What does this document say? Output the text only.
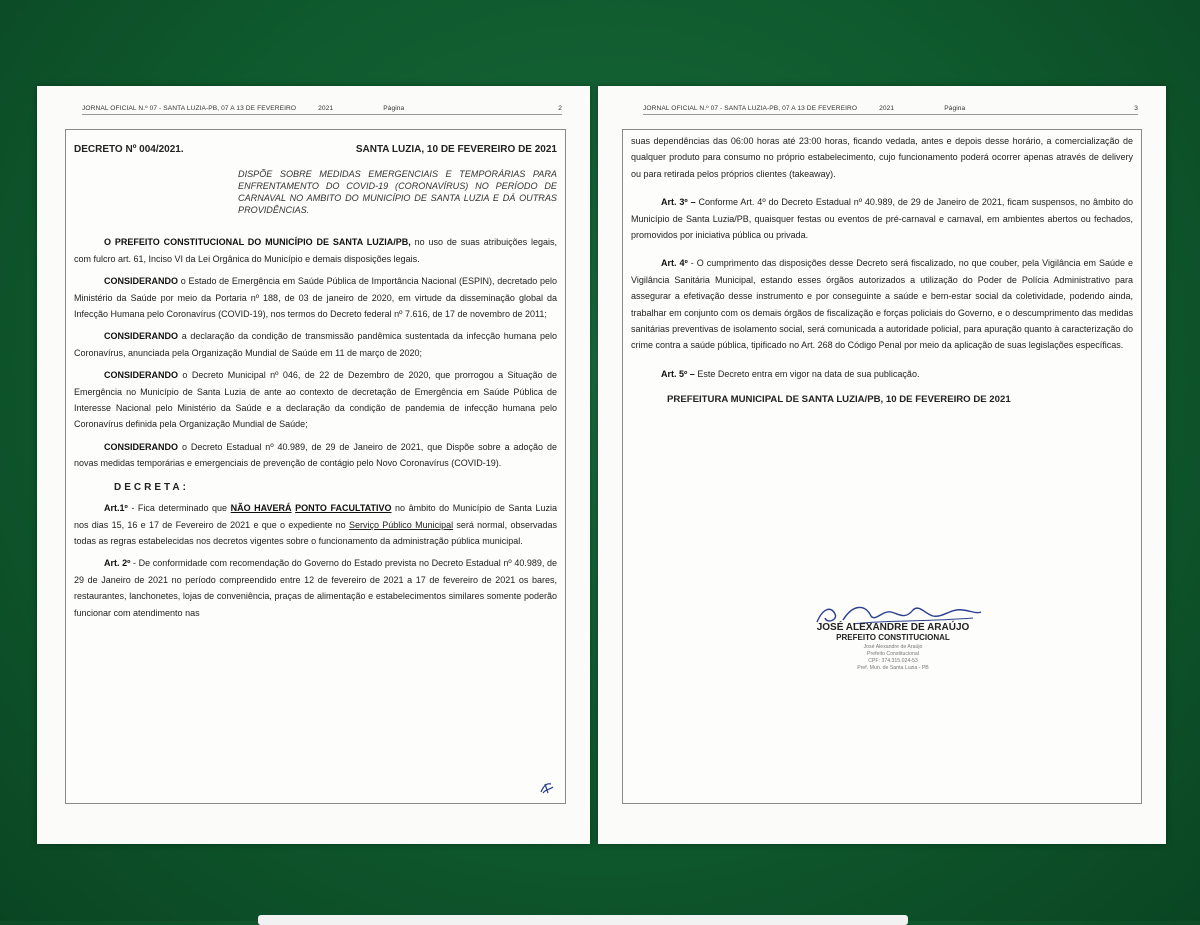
JORNAL OFICIAL N.º 07 - SANTA LUZIA-PB, 07 A 13 DE FEVEREIRO	2021	Página	2
DECRETO Nº 004/2021.	SANTA LUZIA, 10 DE FEVEREIRO DE 2021
DISPÕE SOBRE MEDIDAS EMERGENCIAIS E TEMPORÁRIAS PARA ENFRENTAMENTO DO COVID-19 (CORONAVÍRUS) NO PERÍODO DE CARNAVAL NO AMBITO DO MUNICÍPIO DE SANTA LUZIA E DÁ OUTRAS PROVIDÊNCIAS.

O PREFEITO CONSTITUCIONAL DO MUNICÍPIO DE SANTA LUZIA/PB, no uso de suas atribuições legais, com fulcro art. 61, Inciso VI da Lei Orgânica do Município e demais disposições legais.

CONSIDERANDO o Estado de Emergência em Saúde Pública de Importância Nacional (ESPIN), decretado pelo Ministério da Saúde por meio da Portaria nº 188, de 03 de janeiro de 2020, em virtude da disseminação global da Infecção Humana pelo Coronavírus (COVID-19), nos termos do Decreto federal nº 7.616, de 17 de novembro de 2011;

CONSIDERANDO a declaração da condição de transmissão pandêmica sustentada da infecção humana pelo Coronavírus, anunciada pela Organização Mundial de Saúde em 11 de março de 2020;

CONSIDERANDO o Decreto Municipal nº 046, de 22 de Dezembro de 2020, que prorrogou a Situação de Emergência no Município de Santa Luzia de ante ao contexto de decretação de Emergência em Saúde Pública de Interesse Nacional pelo Ministério da Saúde e a declaração da condição de pandemia de infecção humana pelo Coronavírus definida pela Organização Mundial de Saúde;

CONSIDERANDO o Decreto Estadual nº 40.989, de 29 de Janeiro de 2021, que Dispõe sobre a adoção de novas medidas temporárias e emergenciais de prevenção de contágio pelo Novo Coronavírus (COVID-19).

DECRETA:

Art.1º - Fica determinado que NÃO HAVERÁ PONTO FACULTATIVO no âmbito do Município de Santa Luzia nos dias 15, 16 e 17 de Fevereiro de 2021 e que o expediente no Serviço Público Municipal será normal, observadas todas as regras estabelecidas nos decretos vigentes sobre o funcionamento da administração pública municipal.

Art. 2º - De conformidade com recomendação do Governo do Estado prevista no Decreto Estadual nº 40.989, de 29 de Janeiro de 2021 no período compreendido entre 12 de fevereiro de 2021 a 17 de fevereiro de 2021 os bares, restaurantes, lanchonetes, lojas de conveniência, praças de alimentação e estabelecimentos similares somente poderão funcionar com atendimento nas

JORNAL OFICIAL N.º 07 - SANTA LUZIA-PB, 07 A 13 DE FEVEREIRO	2021	Página	3

suas dependências das 06:00 horas até 23:00 horas, ficando vedada, antes e depois desse horário, a comercialização de qualquer produto para consumo no próprio estabelecimento, cujo funcionamento poderá ocorrer apenas através de delivery ou para retirada pelos próprios clientes (takeaway).

Art. 3º – Conforme Art. 4º do Decreto Estadual nº 40.989, de 29 de Janeiro de 2021, ficam suspensos, no âmbito do Município de Santa Luzia/PB, quaisquer festas ou eventos de pré-carnaval e carnaval, em ambientes abertos ou fechados, promovidos por iniciativa pública ou privada.

Art. 4º - O cumprimento das disposições desse Decreto será fiscalizado, no que couber, pela Vigilância em Saúde e Vigilância Sanitária Municipal, estando esses órgãos autorizados a utilização do Poder de Polícia Administrativo para assegurar a efetivação desse instrumento e por conseguinte a saúde e bem-estar social da coletividade, podendo ainda, trabalhar em conjunto com os demais órgãos de fiscalização e forças policiais do Governo, e o descumprimento das medidas sanitárias preventivas de isolamento social, será comunicada a autoridade policial, para apuração quanto à caracterização do crime contra a saúde pública, tipificado no Art. 268 do Código Penal por meio da aplicação de suas legislações específicas.

Art. 5º – Este Decreto entra em vigor na data de sua publicação.

PREFEITURA MUNICIPAL DE SANTA LUZIA/PB, 10 DE FEVEREIRO DE 2021
JOSÉ ALEXANDRE DE ARAÚJO
PREFEITO CONSTITUCIONAL
José Alexandre de Araújo
Prefeito Constitucional
CPF: 374.315.024-53
Pref. Mun. de Santa Luzia - PB
